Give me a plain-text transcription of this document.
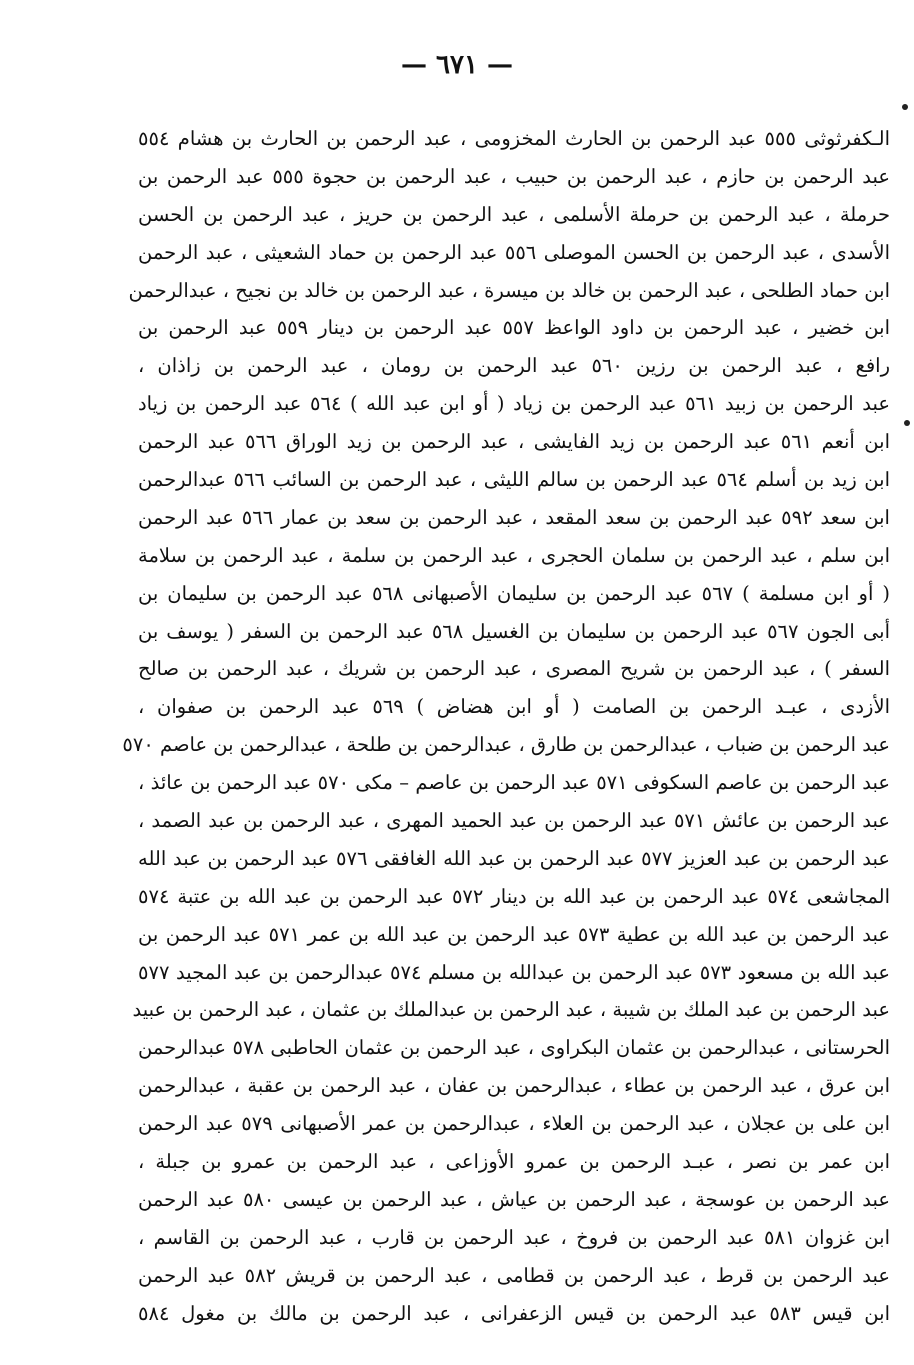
— ٦٧١ —
الـكفرثوثى ٥٥٥ عبد الرحمن بن الحارث المخزومى ، عبد الرحمن بن الحارث بن هشام ٥٥٤
عبد الرحمن بن حازم ، عبد الرحمن بن حبيب ، عبد الرحمن بن حجوة ٥٥٥ عبد الرحمن بن
حرملة ، عبد الرحمن بن حرملة الأسلمى ، عبد الرحمن بن حريز ، عبد الرحمن بن الحسن
الأسدى ، عبد الرحمن بن الحسن الموصلى ٥٥٦ عبد الرحمن بن حماد الشعيثى ، عبد الرحمن
ابن حماد الطلحى ، عبد الرحمن بن خالد بن ميسرة ، عبد الرحمن بن خالد بن نجيح ، عبدالرحمن
ابن خضير ، عبد الرحمن بن داود الواعظ ٥٥٧ عبد الرحمن بن دينار ٥٥٩ عبد الرحمن بن
رافع ، عبد الرحمن بن رزين ٥٦٠ عبد الرحمن بن رومان ، عبد الرحمن بن زاذان ،
عبد الرحمن بن زبيد ٥٦١ عبد الرحمن بن زياد ( أو ابن عبد الله ) ٥٦٤ عبد الرحمن بن زياد
ابن أنعم ٥٦١ عبد الرحمن بن زيد الفايشى ، عبد الرحمن بن زيد الوراق ٥٦٦ عبد الرحمن
ابن زيد بن أسلم ٥٦٤ عبد الرحمن بن سالم الليثى ، عبد الرحمن بن السائب ٥٦٦ عبدالرحمن
ابن سعد ٥٩٢ عبد الرحمن بن سعد المقعد ، عبد الرحمن بن سعد بن عمار ٥٦٦ عبد الرحمن
ابن سلم ، عبد الرحمن بن سلمان الحجرى ، عبد الرحمن بن سلمة ، عبد الرحمن بن سلامة
( أو ابن مسلمة ) ٥٦٧ عبد الرحمن بن سليمان الأصبهانى ٥٦٨ عبد الرحمن بن سليمان بن
أبى الجون ٥٦٧ عبد الرحمن بن سليمان بن الغسيل ٥٦٨ عبد الرحمن بن السفر ( يوسف بن
السفر ) ، عبد الرحمن بن شريح المصرى ، عبد الرحمن بن شريك ، عبد الرحمن بن صالح
الأزدى ، عبـد الرحمن بن الصامت ( أو ابن هضاض ) ٥٦٩ عبد الرحمن بن صفوان ،
عبد الرحمن بن ضباب ، عبدالرحمن بن طارق ، عبدالرحمن بن طلحة ، عبدالرحمن بن عاصم ٥٧٠
عبد الرحمن بن عاصم السكوفى ٥٧١ عبد الرحمن بن عاصم – مكى ٥٧٠ عبد الرحمن بن عائذ ،
عبد الرحمن بن عائش ٥٧١ عبد الرحمن بن عبد الحميد المهرى ، عبد الرحمن بن عبد الصمد ،
عبد الرحمن بن عبد العزيز ٥٧٧ عبد الرحمن بن عبد الله الغافقى ٥٧٦ عبد الرحمن بن عبد الله
المجاشعى ٥٧٤ عبد الرحمن بن عبد الله بن دينار ٥٧٢ عبد الرحمن بن عبد الله بن عتبة ٥٧٤
عبد الرحمن بن عبد الله بن عطية ٥٧٣ عبد الرحمن بن عبد الله بن عمر ٥٧١ عبد الرحمن بن
عبد الله بن مسعود ٥٧٣ عبد الرحمن بن عبدالله بن مسلم ٥٧٤ عبدالرحمن بن عبد المجيد ٥٧٧
عبد الرحمن بن عبد الملك بن شيبة ، عبد الرحمن بن عبدالملك بن عثمان ، عبد الرحمن بن عبيد
الحرستانى ، عبدالرحمن بن عثمان البكراوى ، عبد الرحمن بن عثمان الحاطبى ٥٧٨ عبدالرحمن
ابن عرق ، عبد الرحمن بن عطاء ، عبدالرحمن بن عفان ، عبد الرحمن بن عقبة ، عبدالرحمن
ابن على بن عجلان ، عبد الرحمن بن العلاء ، عبدالرحمن بن عمر الأصبهانى ٥٧٩ عبد الرحمن
ابن عمر بن نصر ، عبـد الرحمن بن عمرو الأوزاعى ، عبد الرحمن بن عمرو بن جبلة ،
عبد الرحمن بن عوسجة ، عبد الرحمن بن عياش ، عبد الرحمن بن عيسى ٥٨٠ عبد الرحمن
ابن غزوان ٥٨١ عبد الرحمن بن فروخ ، عبد الرحمن بن قارب ، عبد الرحمن بن القاسم ،
عبد الرحمن بن قرط ، عبد الرحمن بن قطامى ، عبد الرحمن بن قريش ٥٨٢ عبد الرحمن
ابن قيس ٥٨٣ عبد الرحمن بن قيس الزعفرانى ، عبد الرحمن بن مالك بن مغول ٥٨٤
